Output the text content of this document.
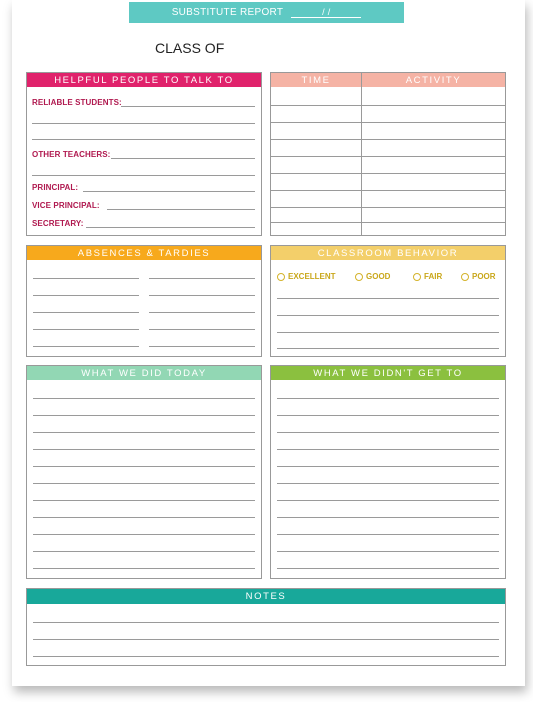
SUBSTITUTE REPORT	/ /
CLASS OF
HELPFUL PEOPLE TO TALK TO
RELIABLE STUDENTS:
OTHER TEACHERS:
PRINCIPAL:
VICE PRINCIPAL:
SECRETARY:
TIME	ACTIVITY
ABSENCES & TARDIES	CLASSROOM BEHAVIOR
EXCELLENT	GOOD	FAIR	POOR
WHAT WE DID TODAY	WHAT WE DIDN'T GET TO
NOTES
